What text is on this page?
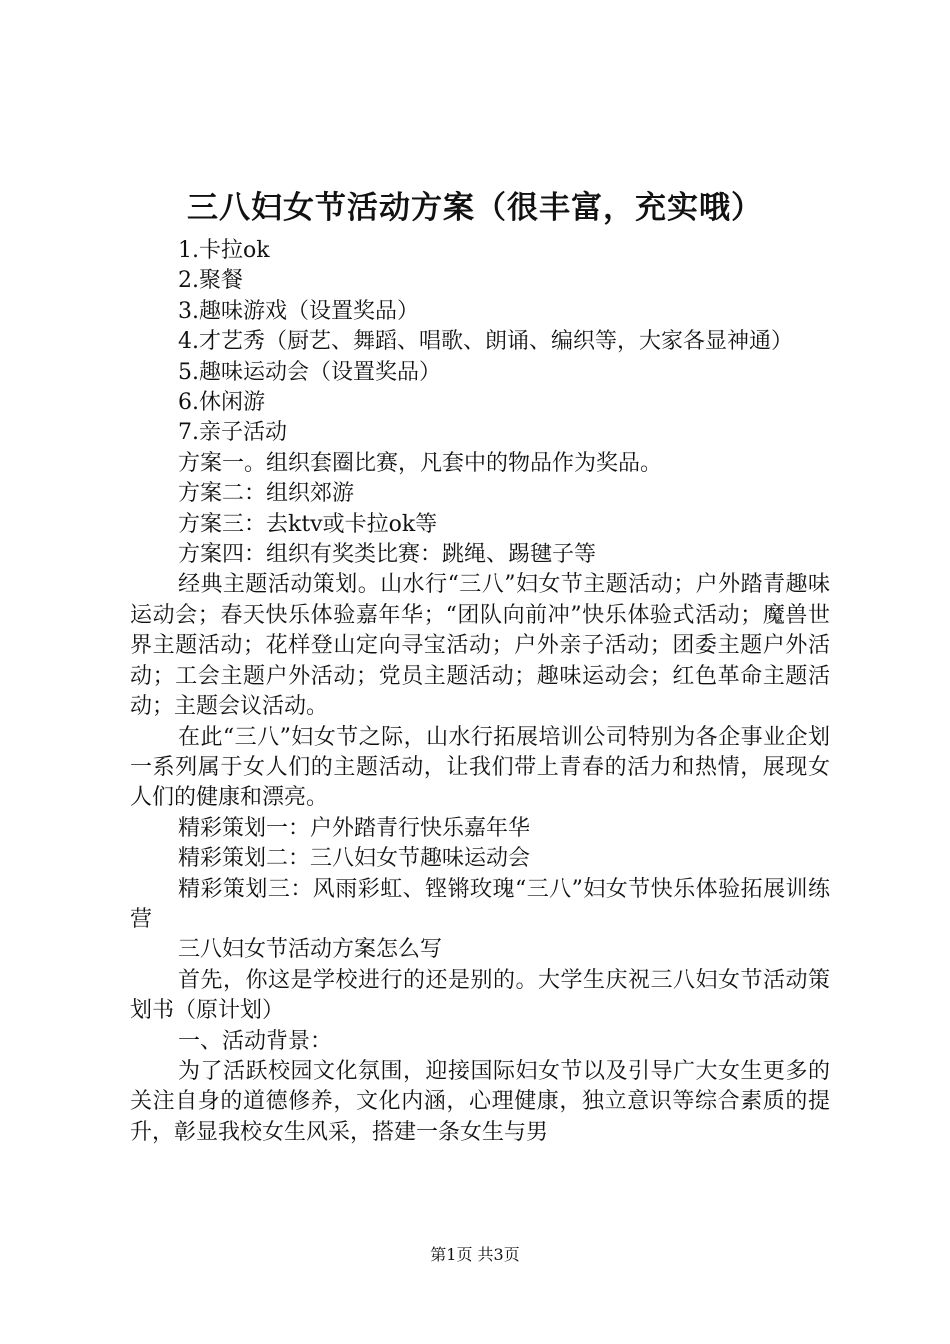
三八妇女节活动方案（很丰富，充实哦）

1.卡拉ok

2.聚餐

3.趣味游戏（设置奖品）

4.才艺秀（厨艺、舞蹈、唱歌、朗诵、编织等，大家各显神通）

5.趣味运动会（设置奖品）

6.休闲游

7.亲子活动

方案一。组织套圈比赛，凡套中的物品作为奖品。

方案二：组织郊游

方案三：去ktv或卡拉ok等

方案四：组织有奖类比赛：跳绳、踢毽子等

经典主题活动策划。山水行“三八”妇女节主题活动；户外踏青趣味运动会；春天快乐体验嘉年华；“团队向前冲”快乐体验式活动；魔兽世界主题活动；花样登山定向寻宝活动；户外亲子活动；团委主题户外活动；工会主题户外活动；党员主题活动；趣味运动会；红色革命主题活动；主题会议活动。

在此“三八”妇女节之际，山水行拓展培训公司特别为各企事业企划一系列属于女人们的主题活动，让我们带上青春的活力和热情，展现女人们的健康和漂亮。

精彩策划一：户外踏青行快乐嘉年华

精彩策划二：三八妇女节趣味运动会

精彩策划三：风雨彩虹、铿锵玫瑰“三八”妇女节快乐体验拓展训练营

三八妇女节活动方案怎么写

首先，你这是学校进行的还是别的。大学生庆祝三八妇女节活动策划书（原计划）

一、活动背景：

为了活跃校园文化氛围，迎接国际妇女节以及引导广大女生更多的关注自身的道德修养，文化内涵，心理健康，独立意识等综合素质的提升，彰显我校女生风采，搭建一条女生与男

第1页 共3页
